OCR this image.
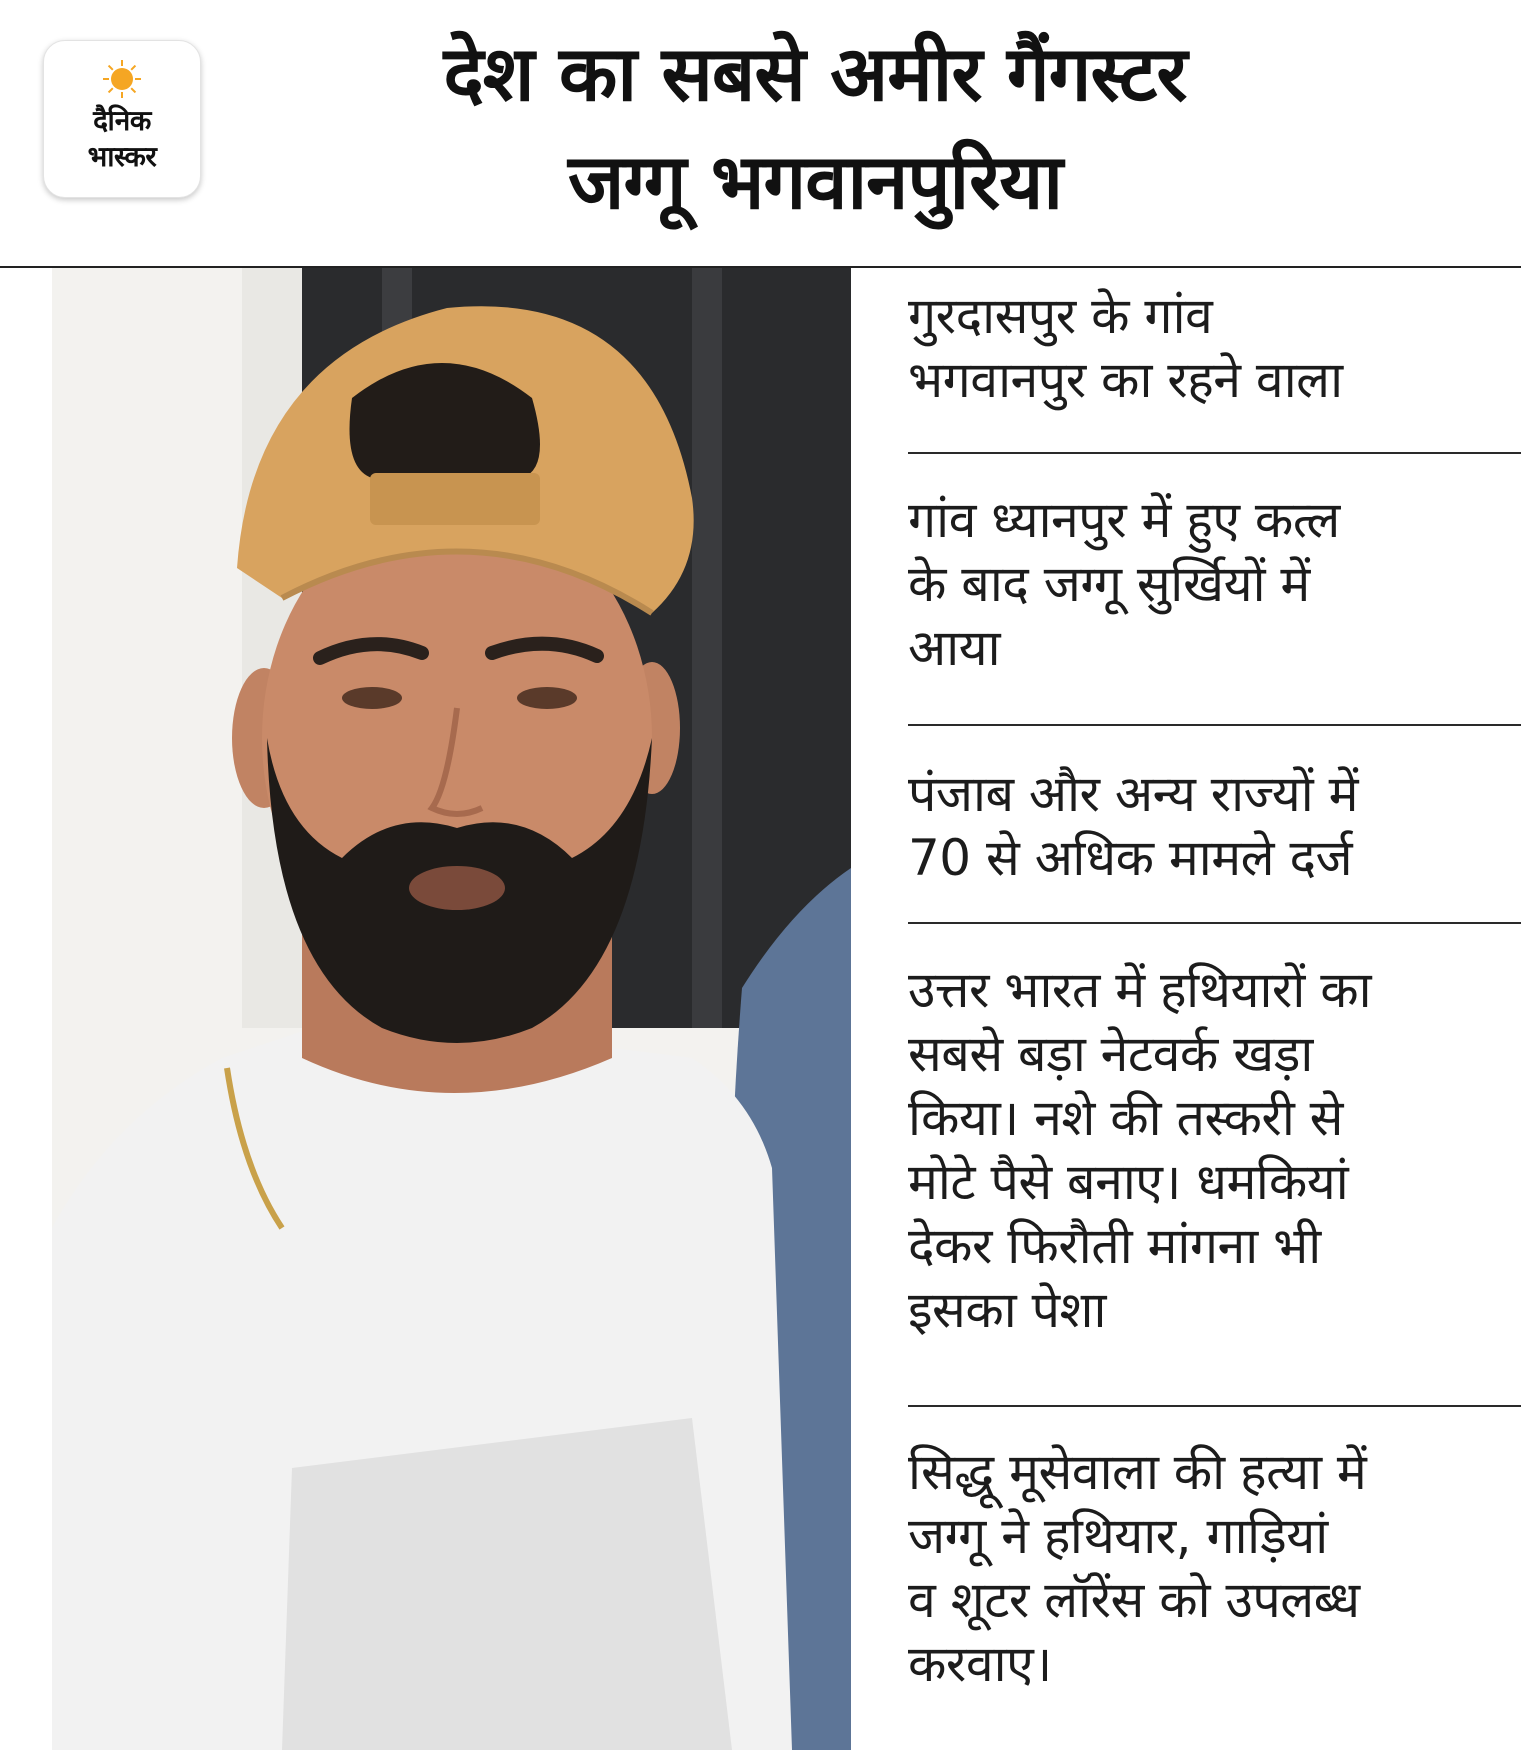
दैनिक
भास्कर
देश का सबसे अमीर गैंगस्टर
जग्गू भगवानपुरिया
गुरदासपुर के गांव
भगवानपुर का रहने वाला
गांव ध्यानपुर में हुए कत्ल
के बाद जग्गू सुर्खियों में
आया
पंजाब और अन्य राज्यों में
70 से अधिक मामले दर्ज
उत्तर भारत में हथियारों का
सबसे बड़ा नेटवर्क खड़ा
किया। नशे की तस्करी से
मोटे पैसे बनाए। धमकियां
देकर फिरौती मांगना भी
इसका पेशा
सिद्धू मूसेवाला की हत्या में
जग्गू ने हथियार, गाड़ियां
व शूटर लॉरेंस को उपलब्ध
करवाए।
